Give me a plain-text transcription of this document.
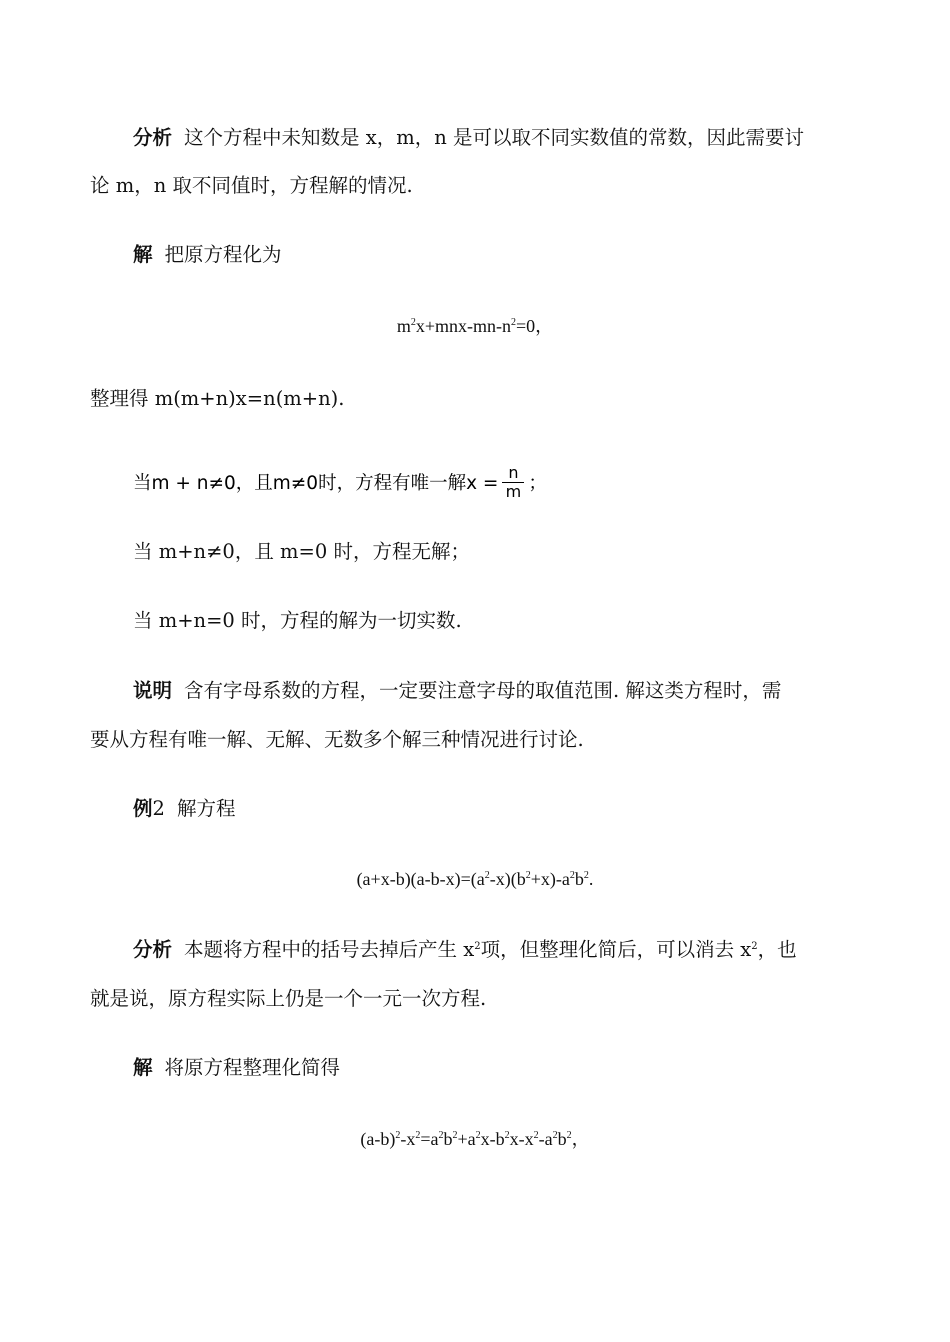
分析 这个方程中未知数是 x，m，n 是可以取不同实数值的常数，因此需要讨
论 m，n 取不同值时，方程解的情况.
解 把原方程化为
$m^2x+mnx-mn-n^2=0$，
整理得 m(m+n)x=n(m+n).
当m + n≠0，且m≠0时，方程有唯一解$x = \frac{n}{m}$ ；
当 m+n≠0，且 m=0 时，方程无解；
当 m+n=0 时，方程的解为一切实数.
说明 含有字母系数的方程，一定要注意字母的取值范围. 解这类方程时，需
要从方程有唯一解、无解、无数多个解三种情况进行讨论.
例2 解方程
$(a+x-b)(a-b-x)=(a^2-x)(b^2+x)-a^2b^2$.
分析 本题将方程中的括号去掉后产生 $x^2$项，但整理化简后，可以消去 $x^2$，也
就是说，原方程实际上仍是一个一元一次方程.
解 将原方程整理化简得
$(a-b)^2-x^2=a^2b^2+a^2x-b^2x-x^2-a^2b^2$，
